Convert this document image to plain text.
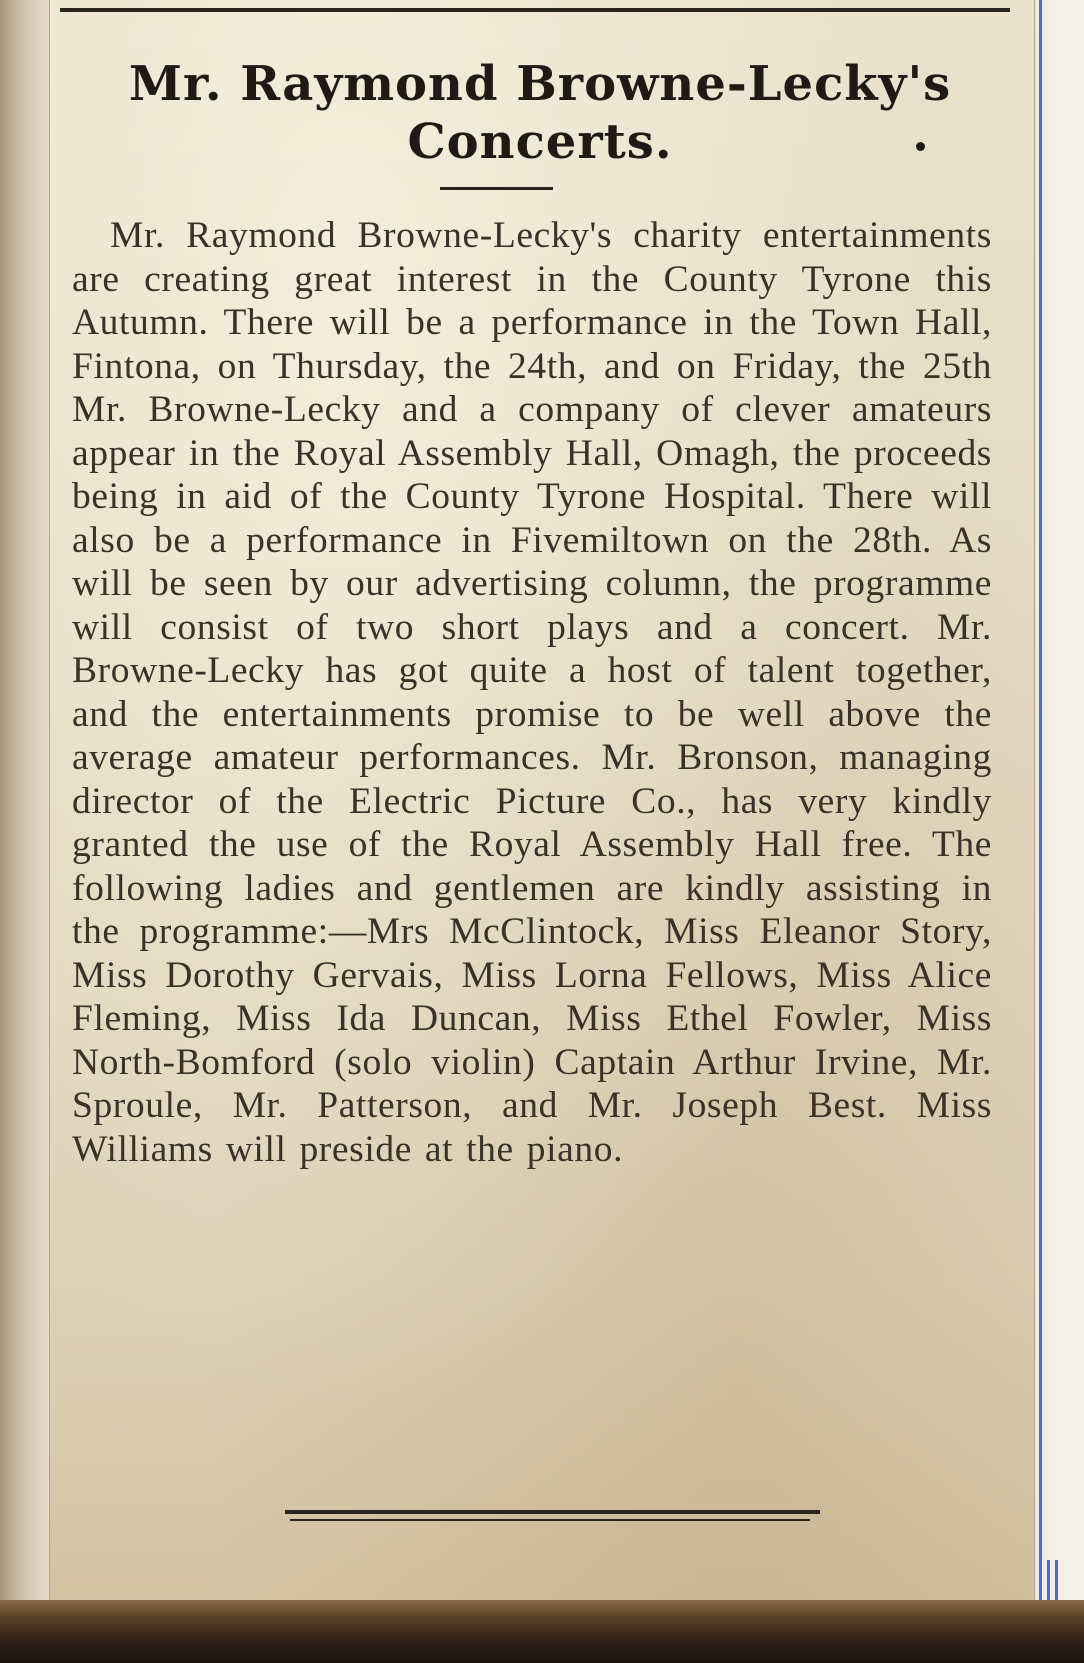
Mr. Raymond Browne-Lecky's Concerts.

Mr. Raymond Browne-Lecky's charity entertainments are creating great interest in the County Tyrone this Autumn. There will be a performance in the Town Hall, Fintona, on Thursday, the 24th, and on Friday, the 25th Mr. Browne-Lecky and a company of clever amateurs appear in the Royal Assembly Hall, Omagh, the proceeds being in aid of the County Tyrone Hospital. There will also be a performance in Fivemiltown on the 28th. As will be seen by our advertising column, the programme will consist of two short plays and a concert. Mr. Browne-Lecky has got quite a host of talent together, and the entertainments promise to be well above the average amateur performances. Mr. Bronson, managing director of the Electric Picture Co., has very kindly granted the use of the Royal Assembly Hall free. The following ladies and gentlemen are kindly assisting in the programme:—Mrs McClintock, Miss Eleanor Story, Miss Dorothy Gervais, Miss Lorna Fellows, Miss Alice Fleming, Miss Ida Duncan, Miss Ethel Fowler, Miss North-Bomford (solo violin) Captain Arthur Irvine, Mr. Sproule, Mr. Patterson, and Mr. Joseph Best. Miss Williams will preside at the piano.
